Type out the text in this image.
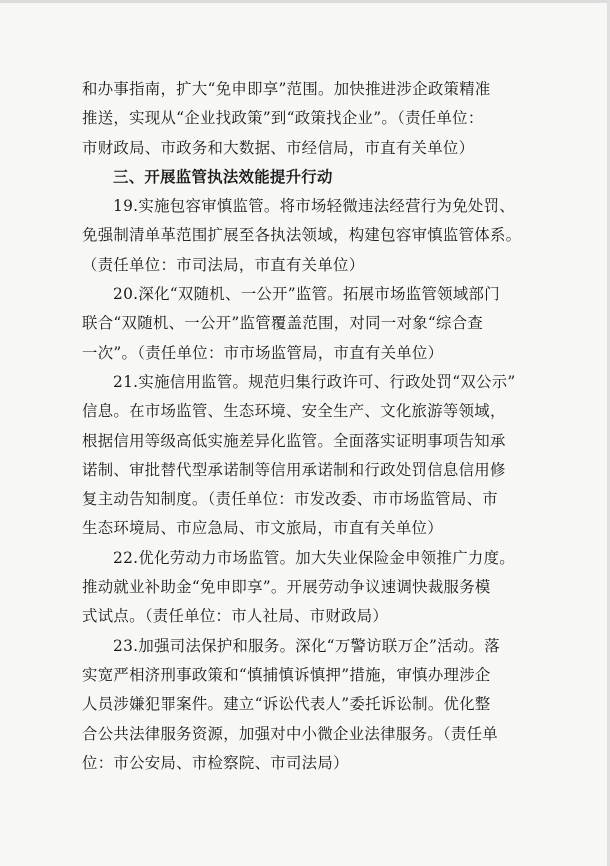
和办事指南，扩大“免申即享”范围。加快推进涉企政策精准
推送，实现从“企业找政策”到“政策找企业”。（责任单位：
市财政局、市政务和大数据、市经信局，市直有关单位）
三、开展监管执法效能提升行动
19.实施包容审慎监管。将市场轻微违法经营行为免处罚、
免强制清单革范围扩展至各执法领域，构建包容审慎监管体系。
（责任单位：市司法局，市直有关单位）
20.深化“双随机、一公开”监管。拓展市场监管领域部门
联合“双随机、一公开”监管覆盖范围，对同一对象“综合查
一次”。（责任单位：市市场监管局，市直有关单位）
21.实施信用监管。规范归集行政许可、行政处罚“双公示”
信息。在市场监管、生态环境、安全生产、文化旅游等领域，
根据信用等级高低实施差异化监管。全面落实证明事项告知承
诺制、审批替代型承诺制等信用承诺制和行政处罚信息信用修
复主动告知制度。（责任单位：市发改委、市市场监管局、市
生态环境局、市应急局、市文旅局，市直有关单位）
22.优化劳动力市场监管。加大失业保险金申领推广力度。
推动就业补助金“免申即享”。开展劳动争议速调快裁服务模
式试点。（责任单位：市人社局、市财政局）
23.加强司法保护和服务。深化“万警访联万企”活动。落
实宽严相济刑事政策和“慎捕慎诉慎押”措施，审慎办理涉企
人员涉嫌犯罪案件。建立“诉讼代表人”委托诉讼制。优化整
合公共法律服务资源，加强对中小微企业法律服务。（责任单
位：市公安局、市检察院、市司法局）
